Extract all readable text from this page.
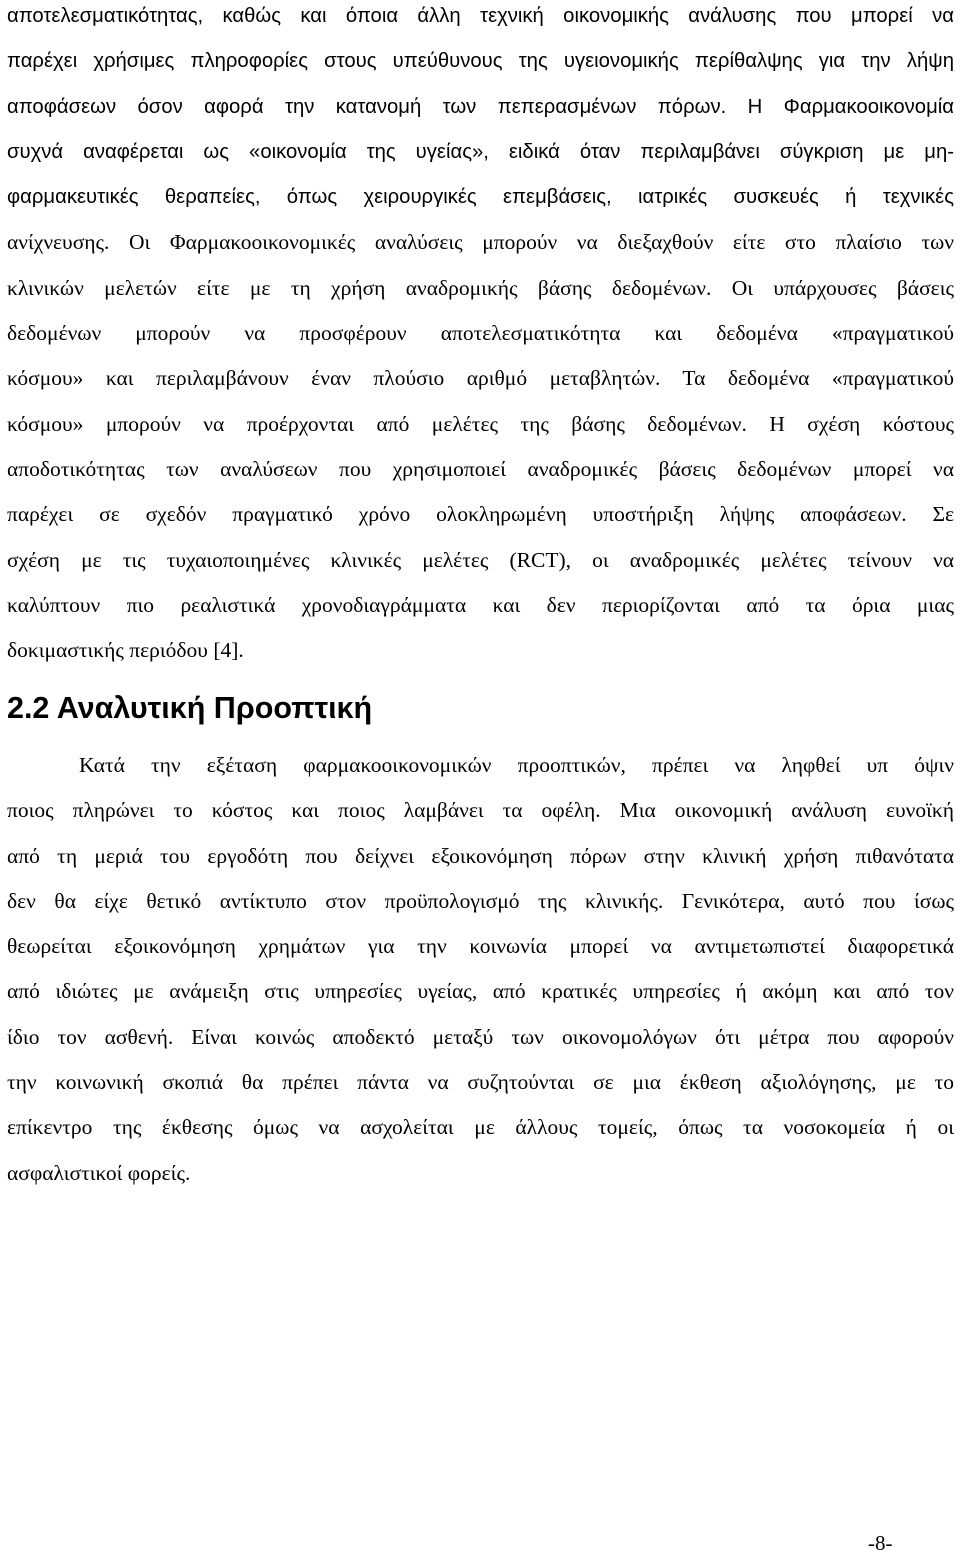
αποτελεσματικότητας, καθώς και όποια άλλη τεχνική οικονομικής ανάλυσης που μπορεί να
παρέχει χρήσιμες πληροφορίες στους υπεύθυνους της υγειονομικής περίθαλψης για την λήψη
αποφάσεων όσον αφορά την κατανομή των πεπερασμένων πόρων. Η Φαρμακοοικονομία
συχνά αναφέρεται ως «οικονομία της υγείας», ειδικά όταν περιλαμβάνει σύγκριση με μη-
φαρμακευτικές θεραπείες, όπως χειρουργικές επεμβάσεις, ιατρικές συσκευές ή τεχνικές
ανίχνευσης. Οι Φαρμακοοικονομικές αναλύσεις μπορούν να διεξαχθούν είτε στο πλαίσιο των
κλινικών μελετών είτε με τη χρήση αναδρομικής βάσης δεδομένων. Οι υπάρχουσες βάσεις
δεδομένων μπορούν να προσφέρουν αποτελεσματικότητα και δεδομένα «πραγματικού
κόσμου» και περιλαμβάνουν έναν πλούσιο αριθμό μεταβλητών. Τα δεδομένα «πραγματικού
κόσμου» μπορούν να προέρχονται από μελέτες της βάσης δεδομένων. Η σχέση κόστους
αποδοτικότητας των αναλύσεων που χρησιμοποιεί αναδρομικές βάσεις δεδομένων μπορεί να
παρέχει σε σχεδόν πραγματικό χρόνο ολοκληρωμένη υποστήριξη λήψης αποφάσεων. Σε
σχέση με τις τυχαιοποιημένες κλινικές μελέτες (RCT), οι αναδρομικές μελέτες τείνουν να
καλύπτουν πιο ρεαλιστικά χρονοδιαγράμματα και δεν περιορίζονται από τα όρια μιας
δοκιμαστικής περιόδου [4].
2.2 Αναλυτική Προοπτική
Κατά την εξέταση φαρμακοοικονομικών προοπτικών, πρέπει να ληφθεί υπ όψιν
ποιος πληρώνει το κόστος και ποιος λαμβάνει τα οφέλη. Μια οικονομική ανάλυση ευνοϊκή
από τη μεριά του εργοδότη που δείχνει εξοικονόμηση πόρων στην κλινική χρήση πιθανότατα
δεν θα είχε θετικό αντίκτυπο στον προϋπολογισμό της κλινικής. Γενικότερα, αυτό που ίσως
θεωρείται εξοικονόμηση χρημάτων για την κοινωνία μπορεί να αντιμετωπιστεί διαφορετικά
από ιδιώτες με ανάμειξη στις υπηρεσίες υγείας, από κρατικές υπηρεσίες ή ακόμη και από τον
ίδιο τον ασθενή. Είναι κοινώς αποδεκτό μεταξύ των οικονομολόγων ότι μέτρα που αφορούν
την κοινωνική σκοπιά θα πρέπει πάντα να συζητούνται σε μια έκθεση αξιολόγησης, με το
επίκεντρο της έκθεσης όμως να ασχολείται με άλλους τομείς, όπως τα νοσοκομεία ή οι
ασφαλιστικοί φορείς.

-8-
